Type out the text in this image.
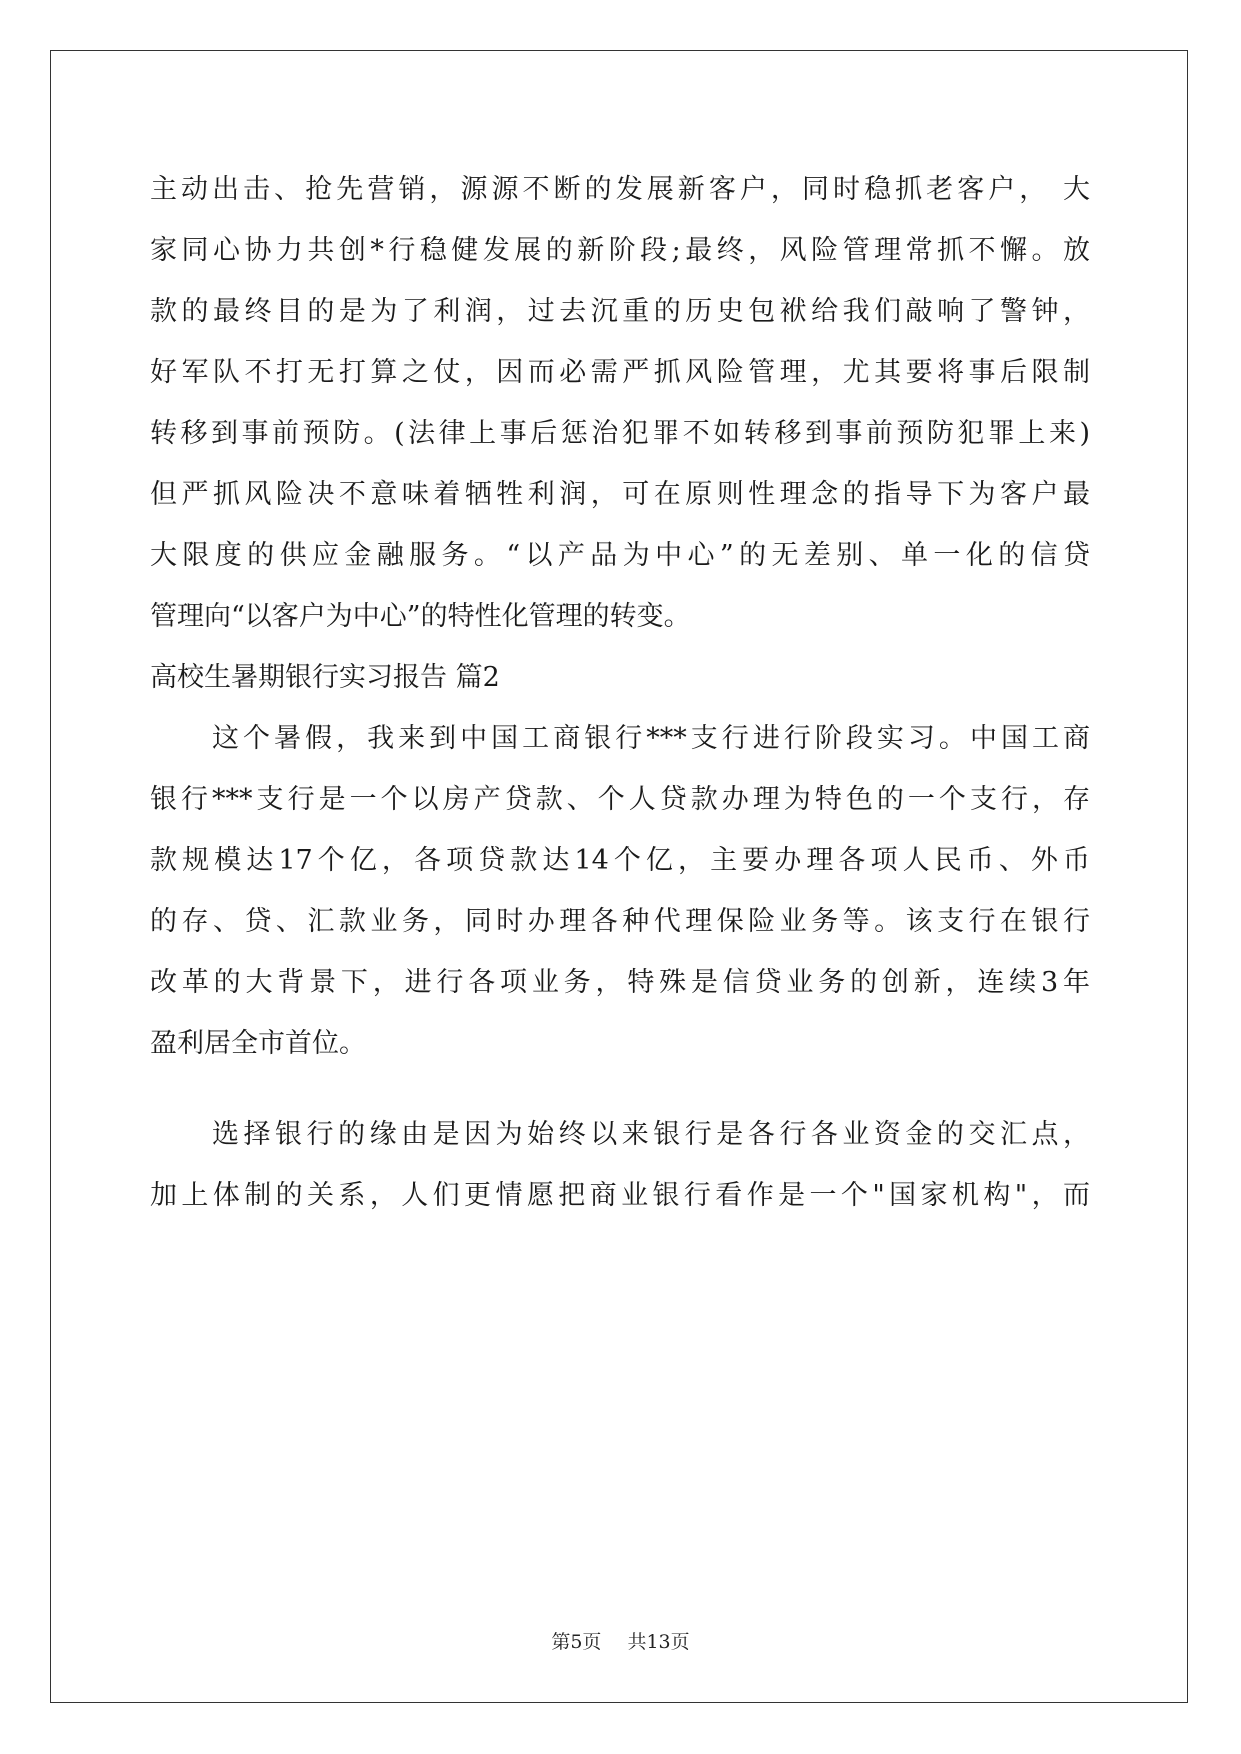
主动出击、抢先营销，源源不断的发展新客户，同时稳抓老客户， 大
家同心协力共创*行稳健发展的新阶段;最终，风险管理常抓不懈。放
款的最终目的是为了利润，过去沉重的历史包袱给我们敲响了警钟，
好军队不打无打算之仗，因而必需严抓风险管理，尤其要将事后限制
转移到事前预防。(法律上事后惩治犯罪不如转移到事前预防犯罪上来)
但严抓风险决不意味着牺牲利润，可在原则性理念的指导下为客户最
大限度的供应金融服务。“以产品为中心”的无差别、单一化的信贷
管理向“以客户为中心”的特性化管理的转变。
高校生暑期银行实习报告 篇2
这个暑假，我来到中国工商银行***支行进行阶段实习。中国工商
银行***支行是一个以房产贷款、个人贷款办理为特色的一个支行，存
款规模达17个亿，各项贷款达14个亿，主要办理各项人民币、外币
的存、贷、汇款业务，同时办理各种代理保险业务等。该支行在银行
改革的大背景下，进行各项业务，特殊是信贷业务的创新，连续3年
盈利居全市首位。
选择银行的缘由是因为始终以来银行是各行各业资金的交汇点，
加上体制的关系，人们更情愿把商业银行看作是一个"国家机构"，而
第5页 共13页
